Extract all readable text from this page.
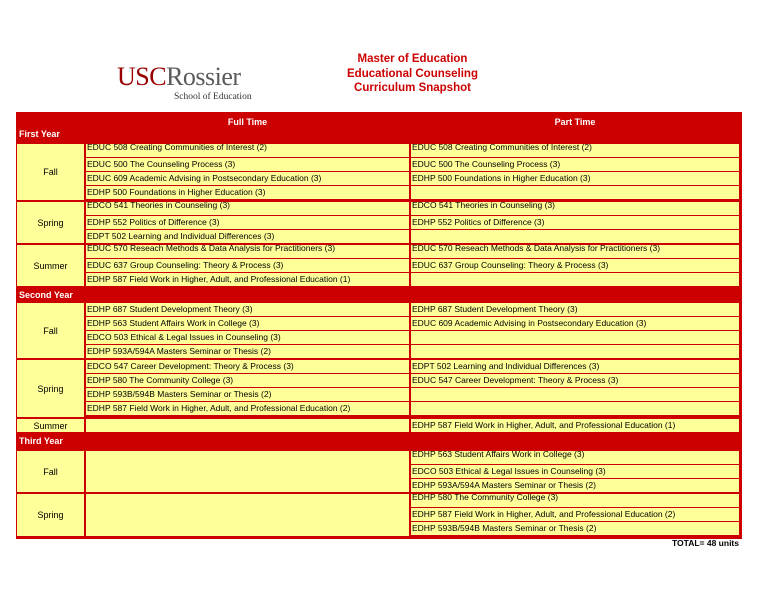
USCRossier
School of Education
Master of Education
Educational Counseling
Curriculum Snapshot
Full Time	Part Time
First Year
Fall
EDUC 508 Creating Communities of Interest (2)
EDUC 500 The Counseling Process (3)
EDUC 609 Academic Advising in Postsecondary Education (3)
EDHP 500 Foundations in Higher Education (3)
EDUC 508 Creating Communities of Interest (2)
EDUC 500 The Counseling Process (3)
EDHP 500 Foundations in Higher Education (3)
Spring
EDCO 541 Theories in Counseling (3)
EDHP 552 Politics of Difference (3)
EDPT 502 Learning and Individual Differences (3)
EDCO 541 Theories in Counseling (3)
EDHP 552 Politics of Difference (3)
Summer
EDUC 570 Reseach Methods & Data Analysis for Practitioners (3)
EDUC 637 Group Counseling: Theory & Process (3)
EDHP 587 Field Work in Higher, Adult, and Professional Education (1)
EDUC 570 Reseach Methods & Data Analysis for Practitioners (3)
EDUC 637 Group Counseling: Theory & Process (3)
Second Year
Fall
EDHP 687 Student Development Theory (3)
EDHP 563 Student Affairs Work in College (3)
EDCO 503 Ethical & Legal Issues in Counseling (3)
EDHP 593A/594A Masters Seminar or Thesis (2)
EDHP 687 Student Development Theory (3)
EDUC 609 Academic Advising in Postsecondary Education (3)
Spring
EDCO 547 Career Development: Theory & Process (3)
EDHP 580 The Community College (3)
EDHP 593B/594B Masters Seminar or Thesis (2)
EDHP 587 Field Work in Higher, Adult, and Professional Education (2)
EDPT 502 Learning and Individual Differences (3)
EDUC 547 Career Development: Theory & Process (3)
Summer	EDHP 587 Field Work in Higher, Adult, and Professional Education (1)
Third Year
Fall
EDHP 563 Student Affairs Work in College (3)
EDCO 503 Ethical & Legal Issues in Counseling (3)
EDHP 593A/594A Masters Seminar or Thesis (2)
Spring
EDHP 580 The Community College (3)
EDHP 587 Field Work in Higher, Adult, and Professional Education (2)
EDHP 593B/594B Masters Seminar or Thesis (2)
TOTAL= 48 units
